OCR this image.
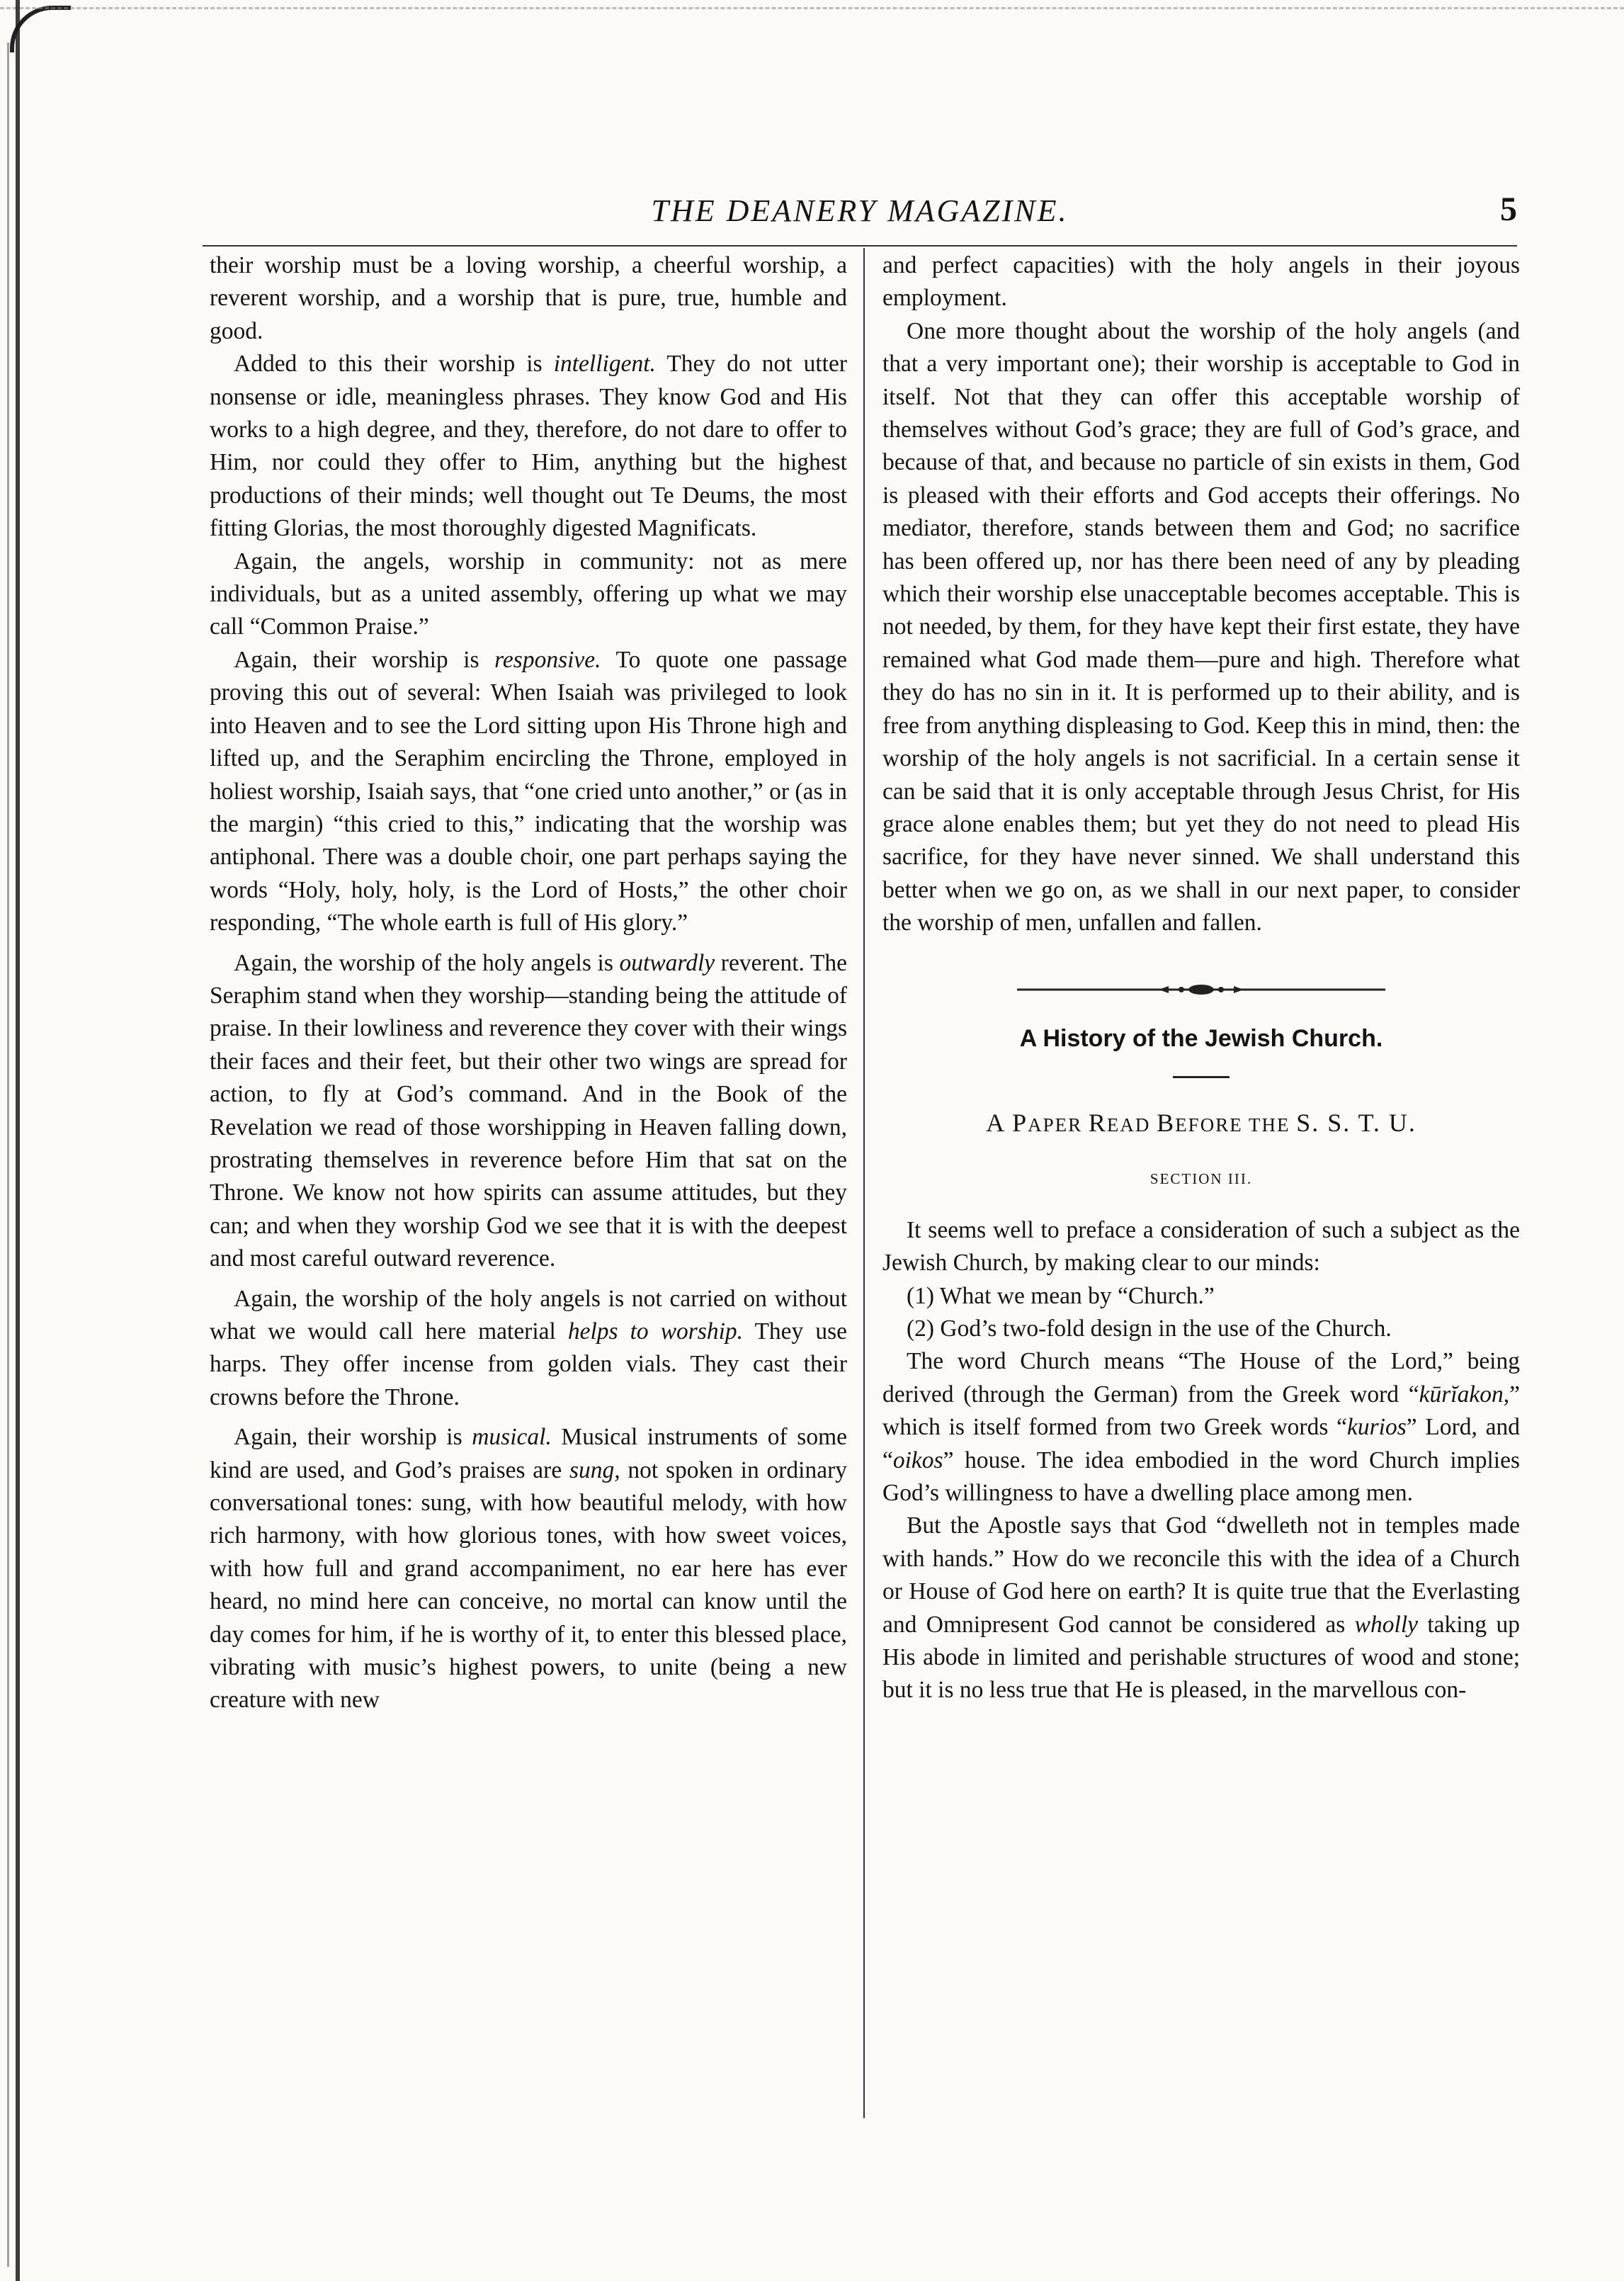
THE DEANERY MAGAZINE.	5

their worship must be a loving worship, a cheerful worship, a reverent worship, and a worship that is pure, true, humble and good.

Added to this their worship is intelligent. They do not utter nonsense or idle, meaningless phrases. They know God and His works to a high degree, and they, therefore, do not dare to offer to Him, nor could they offer to Him, anything but the highest productions of their minds; well thought out Te Deums, the most fitting Glorias, the most thoroughly digested Magnificats.

Again, the angels, worship in community: not as mere individuals, but as a united assembly, offering up what we may call “Common Praise.”

Again, their worship is responsive. To quote one passage proving this out of several: When Isaiah was privileged to look into Heaven and to see the Lord sitting upon His Throne high and lifted up, and the Seraphim encircling the Throne, employed in holiest worship, Isaiah says, that “one cried unto another,” or (as in the margin) “this cried to this,” indicating that the worship was antiphonal. There was a double choir, one part perhaps saying the words “Holy, holy, holy, is the Lord of Hosts,” the other choir responding, “The whole earth is full of His glory.”

Again, the worship of the holy angels is outwardly reverent. The Seraphim stand when they worship—standing being the attitude of praise. In their lowliness and reverence they cover with their wings their faces and their feet, but their other two wings are spread for action, to fly at God’s command. And in the Book of the Revelation we read of those worshipping in Heaven falling down, prostrating themselves in reverence before Him that sat on the Throne. We know not how spirits can assume attitudes, but they can; and when they worship God we see that it is with the deepest and most careful outward reverence.

Again, the worship of the holy angels is not carried on without what we would call here material helps to worship. They use harps. They offer incense from golden vials. They cast their crowns before the Throne.

Again, their worship is musical. Musical instruments of some kind are used, and God’s praises are sung, not spoken in ordinary conversational tones: sung, with how beautiful melody, with how rich harmony, with how glorious tones, with how sweet voices, with how full and grand accompaniment, no ear here has ever heard, no mind here can conceive, no mortal can know until the day comes for him, if he is worthy of it, to enter this blessed place, vibrating with music’s highest powers, to unite (being a new creature with new

and perfect capacities) with the holy angels in their joyous employment.

One more thought about the worship of the holy angels (and that a very important one); their worship is acceptable to God in itself. Not that they can offer this acceptable worship of themselves without God’s grace; they are full of God’s grace, and because of that, and because no particle of sin exists in them, God is pleased with their efforts and God accepts their offerings. No mediator, therefore, stands between them and God; no sacrifice has been offered up, nor has there been need of any by pleading which their worship else unacceptable becomes acceptable. This is not needed, by them, for they have kept their first estate, they have remained what God made them—pure and high. Therefore what they do has no sin in it. It is performed up to their ability, and is free from anything displeasing to God. Keep this in mind, then: the worship of the holy angels is not sacrificial. In a certain sense it can be said that it is only acceptable through Jesus Christ, for His grace alone enables them; but yet they do not need to plead His sacrifice, for they have never sinned. We shall understand this better when we go on, as we shall in our next paper, to consider the worship of men, unfallen and fallen.

A History of the Jewish Church.
A PAPER READ BEFORE THE S. S. T. U.
SECTION III.

It seems well to preface a consideration of such a subject as the Jewish Church, by making clear to our minds:

(1) What we mean by “Church.”

(2) God’s two-fold design in the use of the Church.

The word Church means “The House of the Lord,” being derived (through the German) from the Greek word “kūrĭakon,” which is itself formed from two Greek words “kurios” Lord, and “oikos” house. The idea embodied in the word Church implies God’s willingness to have a dwelling place among men.

But the Apostle says that God “dwelleth not in temples made with hands.” How do we reconcile this with the idea of a Church or House of God here on earth? It is quite true that the Everlasting and Omnipresent God cannot be considered as wholly taking up His abode in limited and perishable structures of wood and stone; but it is no less true that He is pleased, in the marvellous con-
